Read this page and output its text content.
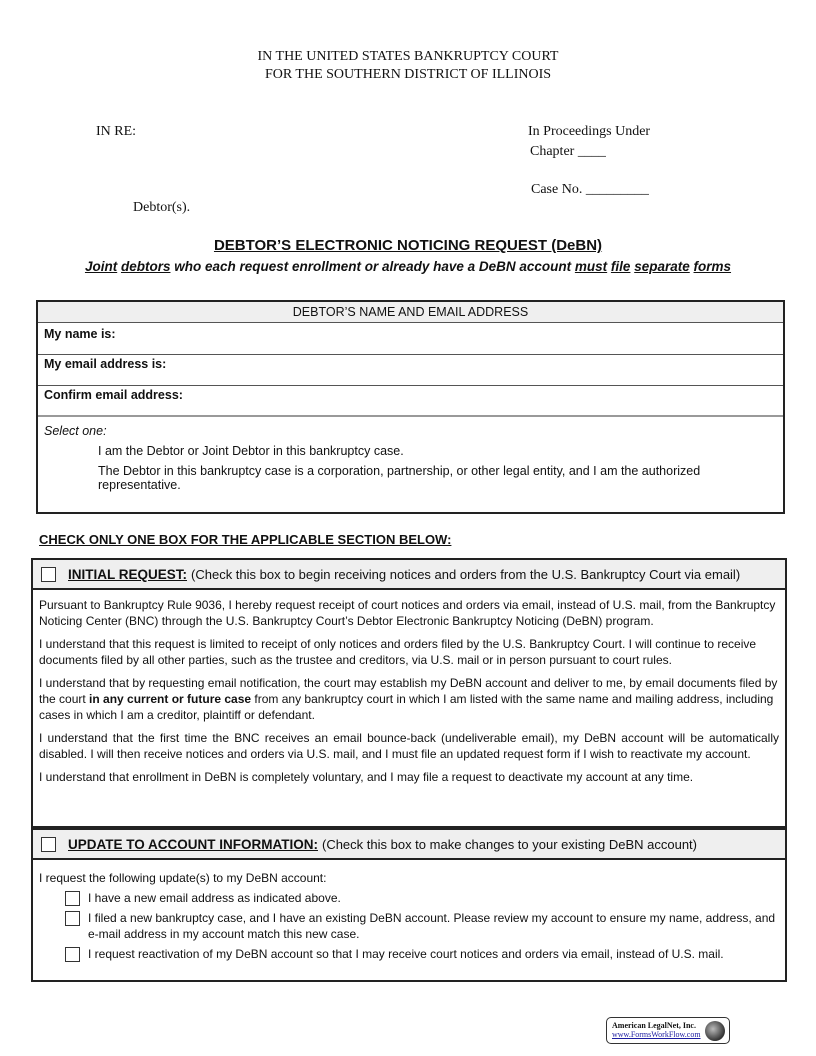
IN THE UNITED STATES BANKRUPTCY COURT
FOR THE SOUTHERN DISTRICT OF ILLINOIS
IN RE:	In Proceedings Under
Chapter ____
Case No. _________
Debtor(s).
DEBTOR’S ELECTRONIC NOTICING REQUEST (DeBN)
Joint debtors who each request enrollment or already have a DeBN account must file separate forms
DEBTOR’S NAME AND EMAIL ADDRESS
My name is:
My email address is:
Confirm email address:
Select one:
I am the Debtor or Joint Debtor in this bankruptcy case.
The Debtor in this bankruptcy case is a corporation, partnership, or other legal entity, and I am the authorized representative.
CHECK ONLY ONE BOX FOR THE APPLICABLE SECTION BELOW:
INITIAL REQUEST: (Check this box to begin receiving notices and orders from the U.S. Bankruptcy Court via email)
Pursuant to Bankruptcy Rule 9036, I hereby request receipt of court notices and orders via email, instead of U.S. mail, from the Bankruptcy Noticing Center (BNC) through the U.S. Bankruptcy Court’s Debtor Electronic Bankruptcy Noticing (DeBN) program.
I understand that this request is limited to receipt of only notices and orders filed by the U.S. Bankruptcy Court. I will continue to receive documents filed by all other parties, such as the trustee and creditors, via U.S. mail or in person pursuant to court rules.
I understand that by requesting email notification, the court may establish my DeBN account and deliver to me, by email documents filed by the court in any current or future case from any bankruptcy court in which I am listed with the same name and mailing address, including cases in which I am a creditor, plaintiff or defendant.
I understand that the first time the BNC receives an email bounce-back (undeliverable email), my DeBN account will be automatically disabled. I will then receive notices and orders via U.S. mail, and I must file an updated request form if I wish to reactivate my account.
I understand that enrollment in DeBN is completely voluntary, and I may file a request to deactivate my account at any time.
UPDATE TO ACCOUNT INFORMATION: (Check this box to make changes to your existing DeBN account)
I request the following update(s) to my DeBN account:
I have a new email address as indicated above.
I filed a new bankruptcy case, and I have an existing DeBN account. Please review my account to ensure my name, address, and e-mail address in my account match this new case.
I request reactivation of my DeBN account so that I may receive court notices and orders via email, instead of U.S. mail.
American LegalNet, Inc.
www.FormsWorkFlow.com
